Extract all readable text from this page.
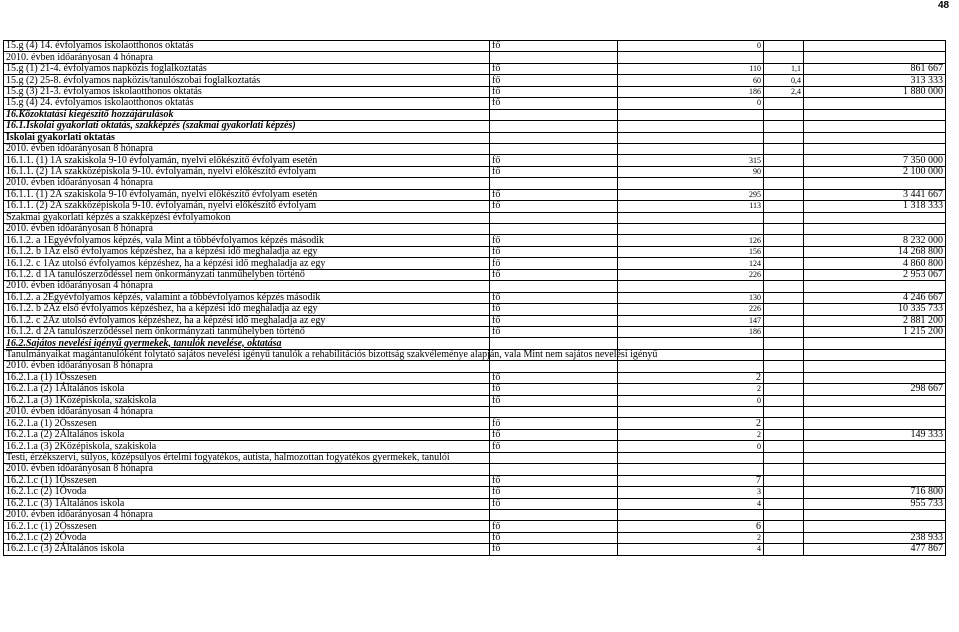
48
15.g (4) 14. évfolyamos iskolaotthonos oktatás	fő	0		
2010. évben időarányosan 4 hónapra				
15.g (1) 21-4. évfolyamos napközis foglalkoztatás	fő	110	1,1	861 667
15.g (2) 25-8. évfolyamos napközis/tanulószobai foglalkoztatás	fő	60	0,4	313 333
15.g (3) 21-3. évfolyamos iskolaotthonos oktatás	fő	186	2,4	1 880 000
15.g (4) 24. évfolyamos iskolaotthonos oktatás	fő	0		
16.Közoktatási kiegészítő hozzájárulások				
16.1.Iskolai gyakorlati oktatás, szakképzés (szakmai gyakorlati képzés)				
Iskolai gyakorlati oktatás				
2010. évben időarányosan 8 hónapra				
16.1.1. (1) 1A szakiskola 9-10 évfolyamán, nyelvi előkészítő évfolyam esetén	fő	315		7 350 000
16.1.1. (2) 1A szakközépiskola 9-10. évfolyamán, nyelvi előkészítő évfolyam	fő	90		2 100 000
2010. évben időarányosan 4 hónapra				
16.1.1. (1) 2A szakiskola 9-10 évfolyamán, nyelvi előkészítő évfolyam esetén	fő	295		3 441 667
16.1.1. (2) 2A szakközépiskola 9-10. évfolyamán, nyelvi előkészítő évfolyam	fő	113		1 318 333
Szakmai gyakorlati képzés a szakképzési évfolyamokon				
2010. évben időarányosan 8 hónapra				
16.1.2. a 1Egyévfolyamos képzés, vala Mint a többévfolyamos képzés második	fő	126		8 232 000
16.1.2. b 1Az első évfolyamos képzéshez, ha a képzési idő meghaladja az egy	fő	156		14 268 800
16.1.2. c 1Az utolsó évfolyamos képzéshez, ha a képzési idő meghaladja az egy	fő	124		4 860 800
16.1.2. d 1A tanulószerződéssel nem önkormányzati tanműhelyben történő	fő	226		2 953 067
2010. évben időarányosan 4 hónapra				
16.1.2. a 2Egyévfolyamos képzés, valamint a többévfolyamos képzés második	fő	130		4 246 667
16.1.2. b 2Az első évfolyamos képzéshez, ha a képzési idő meghaladja az egy	fő	226		10 335 733
16.1.2. c 2Az utolsó évfolyamos képzéshez, ha a képzési idő meghaladja az egy	fő	147		2 881 200
16.1.2. d 2A tanulószerződéssel nem önkormányzati tanműhelyben történő	fő	186		1 215 200
16.2.Sajátos nevelési igényű gyermekek, tanulók nevelése, oktatása				
Tanulmányaikat magántanulóként folytató sajátos nevelési igényű tanulók a rehabilitációs bizottság szakvéleménye alapján, vala Mint nem sajátos nevelési igényű				
2010. évben időarányosan 8 hónapra				
16.2.1.a (1) 1Összesen	fő	2		
16.2.1.a (2) 1Általános iskola	fő	2		298 667
16.2.1.a (3) 1Középiskola, szakiskola	fő	0		
2010. évben időarányosan 4 hónapra				
16.2.1.a (1) 2Összesen	fő	2		
16.2.1.a (2) 2Általános iskola	fő	2		149 333
16.2.1.a (3) 2Középiskola, szakiskola	fő	0		
Testi, érzékszervi, súlyos, középsúlyos értelmi fogyatékos, autista, halmozottan fogyatékos gyermekek, tanulói				
2010. évben időarányosan 8 hónapra				
16.2.1.c (1) 1Összesen	fő	7		
16.2.1.c (2) 1Óvoda	fő	3		716 800
16.2.1.c (3) 1Általános iskola	fő	4		955 733
2010. évben időarányosan 4 hónapra				
16.2.1.c (1) 2Összesen	fő	6		
16.2.1.c (2) 2Óvoda	fő	2		238 933
16.2.1.c (3) 2Általános iskola	fő	4		477 867
